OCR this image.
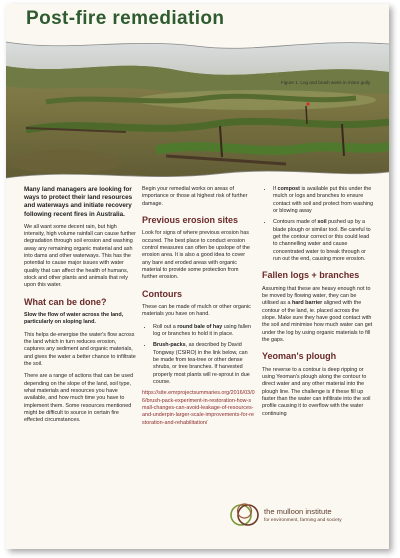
Post-fire remediation
Figure 1. Log and brush weirs in minor gully.

Many land managers are looking for ways to protect their land resources and waterways and initiate recovery following recent fires in Australia.

We all want some decent rain, but high intensity, high volume rainfall can cause further degradation through soil erosion and washing away any remaining organic material and ash into dams and other waterways. This has the potential to cause major issues with water quality that can affect the health of humans, stock and other plants and animals that rely upon this water.

What can be done?

Slow the flow of water across the land, particularly on sloping land.

This helps de-energise the water's flow across the land which in turn reduces erosion, captures any sediment and organic materials, and gives the water a better chance to infiltrate the soil.

There are a range of actions that can be used depending on the slope of the land, soil type, what materials and resources you have available, and how much time you have to implement them. Some resources mentioned might be difficult to source in certain fire effected circumstances.

Begin your remedial works on areas of importance or those at highest risk of further damage.

Previous erosion sites

Look for signs of where previous erosion has occured. The best place to conduct erosion control measures can often be upslope of the erosion area. It is also a good idea to cover any bare and eroded areas with organic material to provide some protection from further erosion.

Contours

These can be made of mulch or other organic materials you have on hand.

• Roll out a round bale of hay using fallen log or branches to hold it in place.
• Brush-packs, as described by David Tongway (CSIRO) in the link below, can be made from tea-tree or other dense shrubs, or tree branches. If harvested properly most plants will re-sprout in due course.

https://site.emrprojectsummaries.org/2016/03/06/brush-pack-experiment-in-restoration-how-small-changes-can-avoid-leakage-of-resources-and-underpin-larger-scale-improvements-for-restoration-and-rehabilitation/

• If compost is available put this under the mulch or logs and branches to ensure contact with soil and protect from washing or blowing away
• Contours made of soil pushed up by a blade plough or similar tool. Be careful to get the contour correct or this could lead to channelling water and cause concentrated water to break through or run out the end, causing more erosion.
Fallen logs + branches

Assuming that these are heavy enough not to be moved by flowing water, they can be utilised as a hard barrier aligned with the contour of the land, ie. placed across the slope. Make sure they have good contact with the soil and minimise how much water can get under the log by using organic materials to fill the gaps.

Yeoman's plough

The reverse to a contour is deep ripping or using Yeoman's plough along the contour to direct water and any other material into the plough line. The challenge is if these fill up faster than the water can infiltrate into the soil profile causing it to overflow with the water continuing

the mulloon institute
for environment, farming and society
